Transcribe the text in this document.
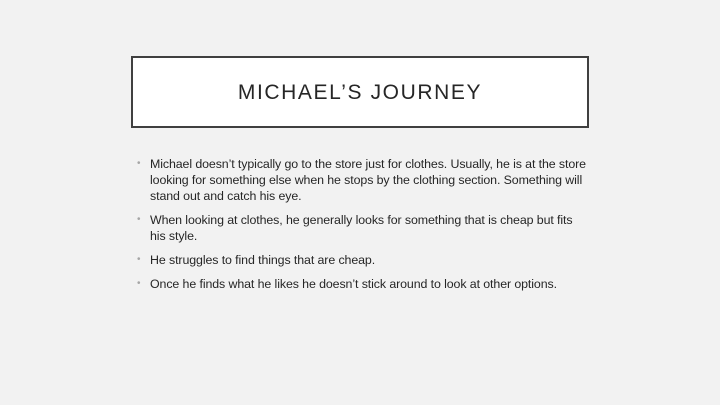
MICHAEL’S JOURNEY
• Michael doesn’t typically go to the store just for clothes. Usually, he is at the store looking for something else when he stops by the clothing section. Something will stand out and catch his eye.
• When looking at clothes, he generally looks for something that is cheap but fits his style.
• He struggles to find things that are cheap.
• Once he finds what he likes he doesn’t stick around to look at other options.
